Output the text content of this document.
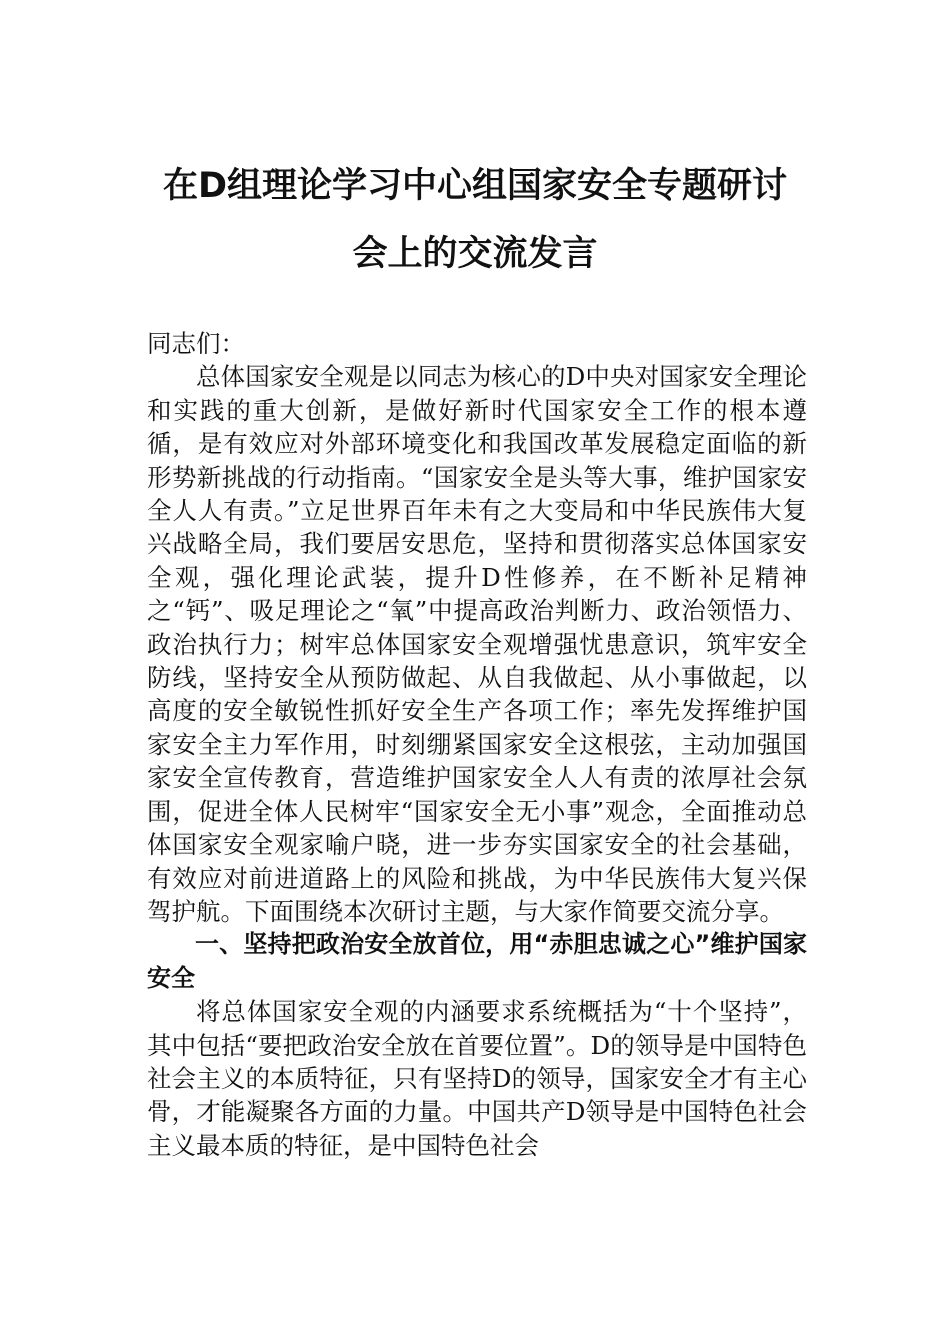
在D组理论学习中心组国家安全专题研讨
会上的交流发言

同志们：

总体国家安全观是以同志为核心的D中央对国家安全理论和实践的重大创新，是做好新时代国家安全工作的根本遵循，是有效应对外部环境变化和我国改革发展稳定面临的新形势新挑战的行动指南。“国家安全是头等大事，维护国家安全人人有责。”立足世界百年未有之大变局和中华民族伟大复兴战略全局，我们要居安思危，坚持和贯彻落实总体国家安全观，强化理论武装，提升D性修养，在不断补足精神之“钙”、吸足理论之“氧”中提高政治判断力、政治领悟力、政治执行力；树牢总体国家安全观增强忧患意识，筑牢安全防线，坚持安全从预防做起、从自我做起、从小事做起，以高度的安全敏锐性抓好安全生产各项工作；率先发挥维护国家安全主力军作用，时刻绷紧国家安全这根弦，主动加强国家安全宣传教育，营造维护国家安全人人有责的浓厚社会氛围，促进全体人民树牢“国家安全无小事”观念，全面推动总体国家安全观家喻户晓，进一步夯实国家安全的社会基础，有效应对前进道路上的风险和挑战，为中华民族伟大复兴保驾护航。下面围绕本次研讨主题，与大家作简要交流分享。

一、坚持把政治安全放首位，用“赤胆忠诚之心”维护国家安全

将总体国家安全观的内涵要求系统概括为“十个坚持”，其中包括“要把政治安全放在首要位置”。D的领导是中国特色社会主义的本质特征，只有坚持D的领导，国家安全才有主心骨，才能凝聚各方面的力量。中国共产D领导是中国特色社会主义最本质的特征，是中国特色社会
